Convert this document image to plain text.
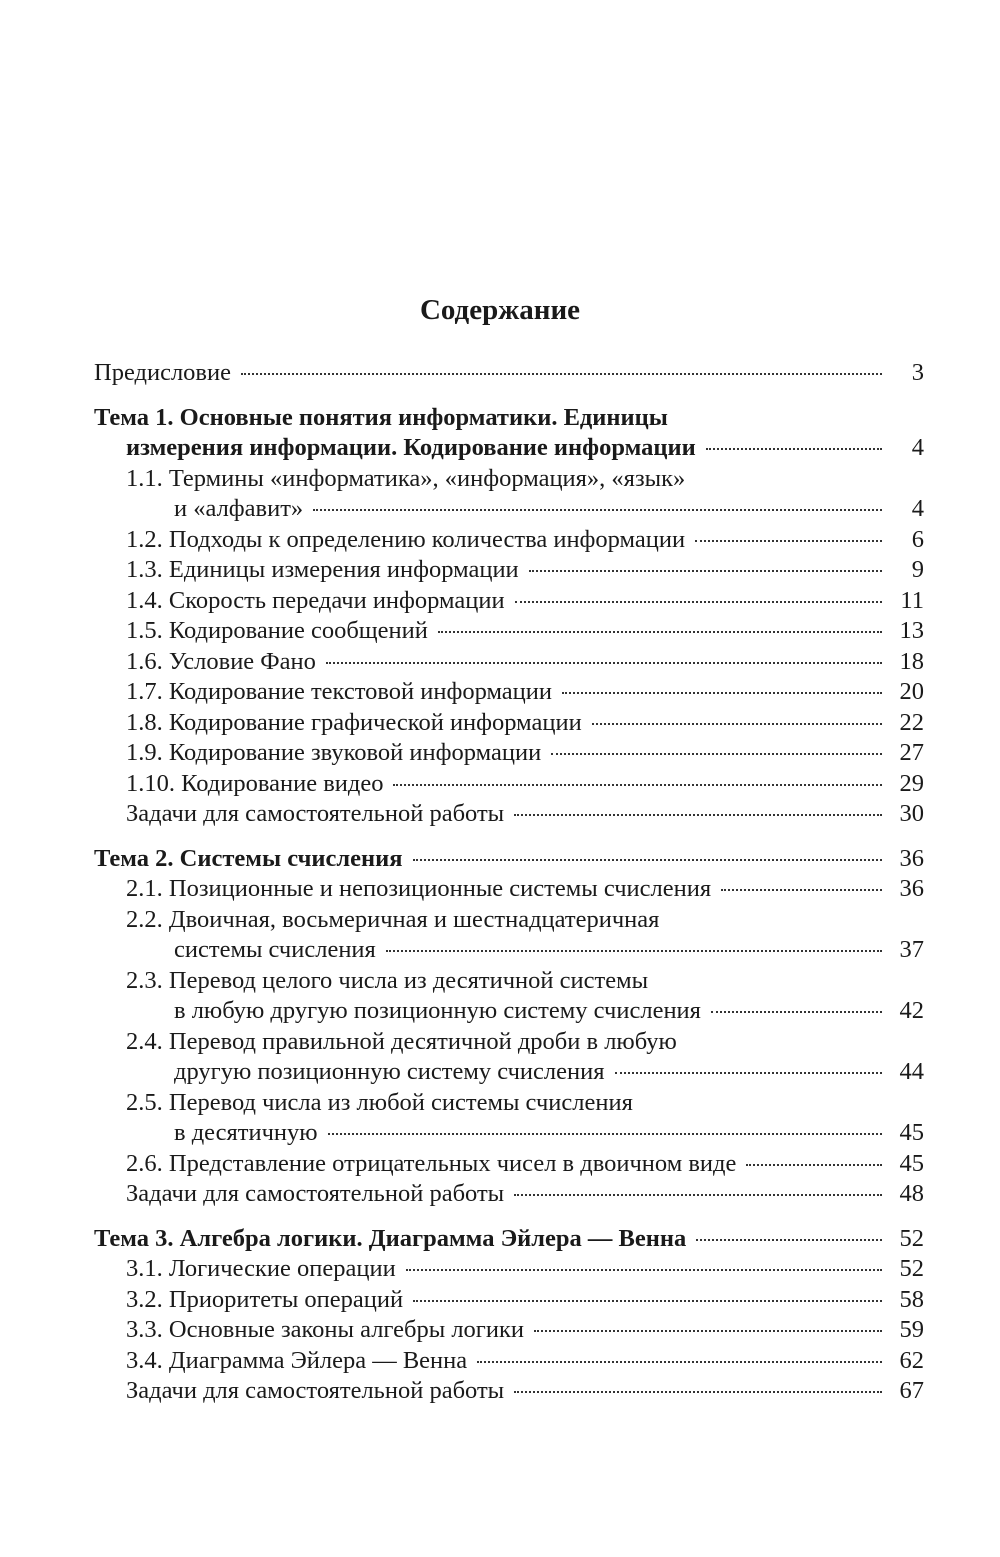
Содержание
Предисловие	3
Тема 1. Основные понятия информатики. Единицы
измерения информации. Кодирование информации	4
1.1. Термины «информатика», «информация», «язык»
и «алфавит»	4
1.2. Подходы к определению количества информации	6
1.3. Единицы измерения информации	9
1.4. Скорость передачи информации	11
1.5. Кодирование сообщений	13
1.6. Условие Фано	18
1.7. Кодирование текстовой информации	20
1.8. Кодирование графической информации	22
1.9. Кодирование звуковой информации	27
1.10. Кодирование видео	29
Задачи для самостоятельной работы	30
Тема 2. Системы счисления	36
2.1. Позиционные и непозиционные системы счисления	36
2.2. Двоичная, восьмеричная и шестнадцатеричная
системы счисления	37
2.3. Перевод целого числа из десятичной системы
в любую другую позиционную систему счисления	42
2.4. Перевод правильной десятичной дроби в любую
другую позиционную систему счисления	44
2.5. Перевод числа из любой системы счисления
в десятичную	45
2.6. Представление отрицательных чисел в двоичном виде	45
Задачи для самостоятельной работы	48
Тема 3. Алгебра логики. Диаграмма Эйлера — Венна	52
3.1. Логические операции	52
3.2. Приоритеты операций	58
3.3. Основные законы алгебры логики	59
3.4. Диаграмма Эйлера — Венна	62
Задачи для самостоятельной работы	67
